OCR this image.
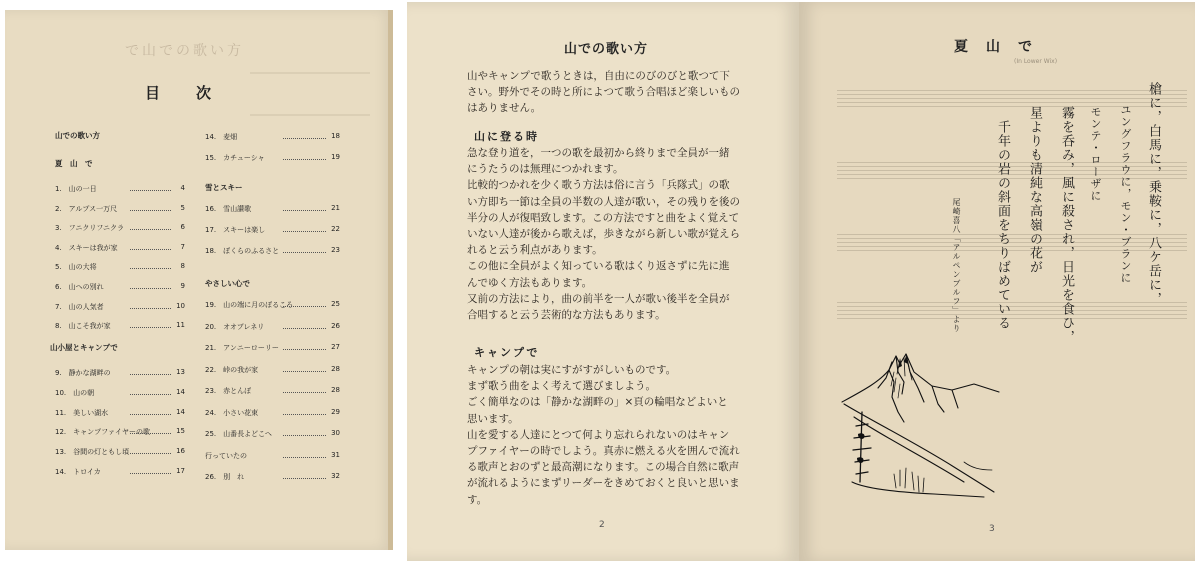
で山での歌い方
目　　次
山での歌い方
夏　山　で
1.　山の一日	4
2.　アルプス一万尺	5
3.　フニクリフニクラ	6
4.　スキーは我が家	7
5.　山の大将	8
6.　山への別れ	9
7.　山の人気者	10
8.　山こそ我が家	11
山小屋とキャンプで
9.　静かな湖畔の	13
10.　山の朝	14
11.　美しい湖水	14
12.　キャンプファイヤーの歌	15
13.　谷間の灯ともし頃	16
14.　トロイカ	17
14.　麦畑	18
15.　カチューシャ	19
雪とスキー
16.　雪山讃歌	21
17.　スキーは楽し	22
18.　ぼくらのふるさと	23
やさしい心で
19.　山の端に月のぼるころ	25
20.　オオブレネリ	26
21.　アンニーローリー	27
22.　峠の我が家	28
23.　赤とんぼ	28
24.　小さい花束	29
25.　山番長よどこへ	30
行っていたの	31
26.　別　れ	32
山での歌い方
山やキャンプで歌うときは，自由にのびのびと歌つて下
さい。野外でその時と所によつて歌う合唱ほど楽しいもの
はありません。
山に登る時
急な登り道を，一つの歌を最初から終りまで全員が一緒
にうたうのは無理につかれます。
比較的つかれを少く歌う方法は俗に言う「兵隊式」の歌
い方即ち一節は全員の半数の人達が歌い，その残りを後の
半分の人が復唱致します。この方法ですと曲をよく覚えて
いない人達が後から歌えば，歩きながら新しい歌が覚えら
れると云う利点があります。
この他に全員がよく知っている歌はくり返さずに先に進
んでゆく方法もあります。
又前の方法により，曲の前半を一人が歌い後半を全員が
合唱すると云う芸術的な方法もあります。
キャンプで
キャンプの朝は実にすがすがしいものです。
まず歌う曲をよく考えて選びましよう。
ごく簡単なのは「静かな湖畔の」×頁の輪唱などよいと
思います。
山を愛する人達にとつて何より忘れられないのはキャン
プファイヤーの時でしよう。真赤に燃える火を囲んで流れ
る歌声とおのずと最高潮になります。この場合自然に歌声
が流れるようにまずリーダーをきめておくと良いと思いま
す。
2
夏　山　で
(In Lower Wix)
槍に，白馬に，乗鞍に，八ケ岳に，
ユングフラウに，モン・ブランに
モンテ・ローザに
霧を呑み，風に殺され，日光を食ひ，
星よりも清純な高嶺の花が
千年の岩の斜面をちりばめている
尾崎喜八「アルペンブルフ」より
3
